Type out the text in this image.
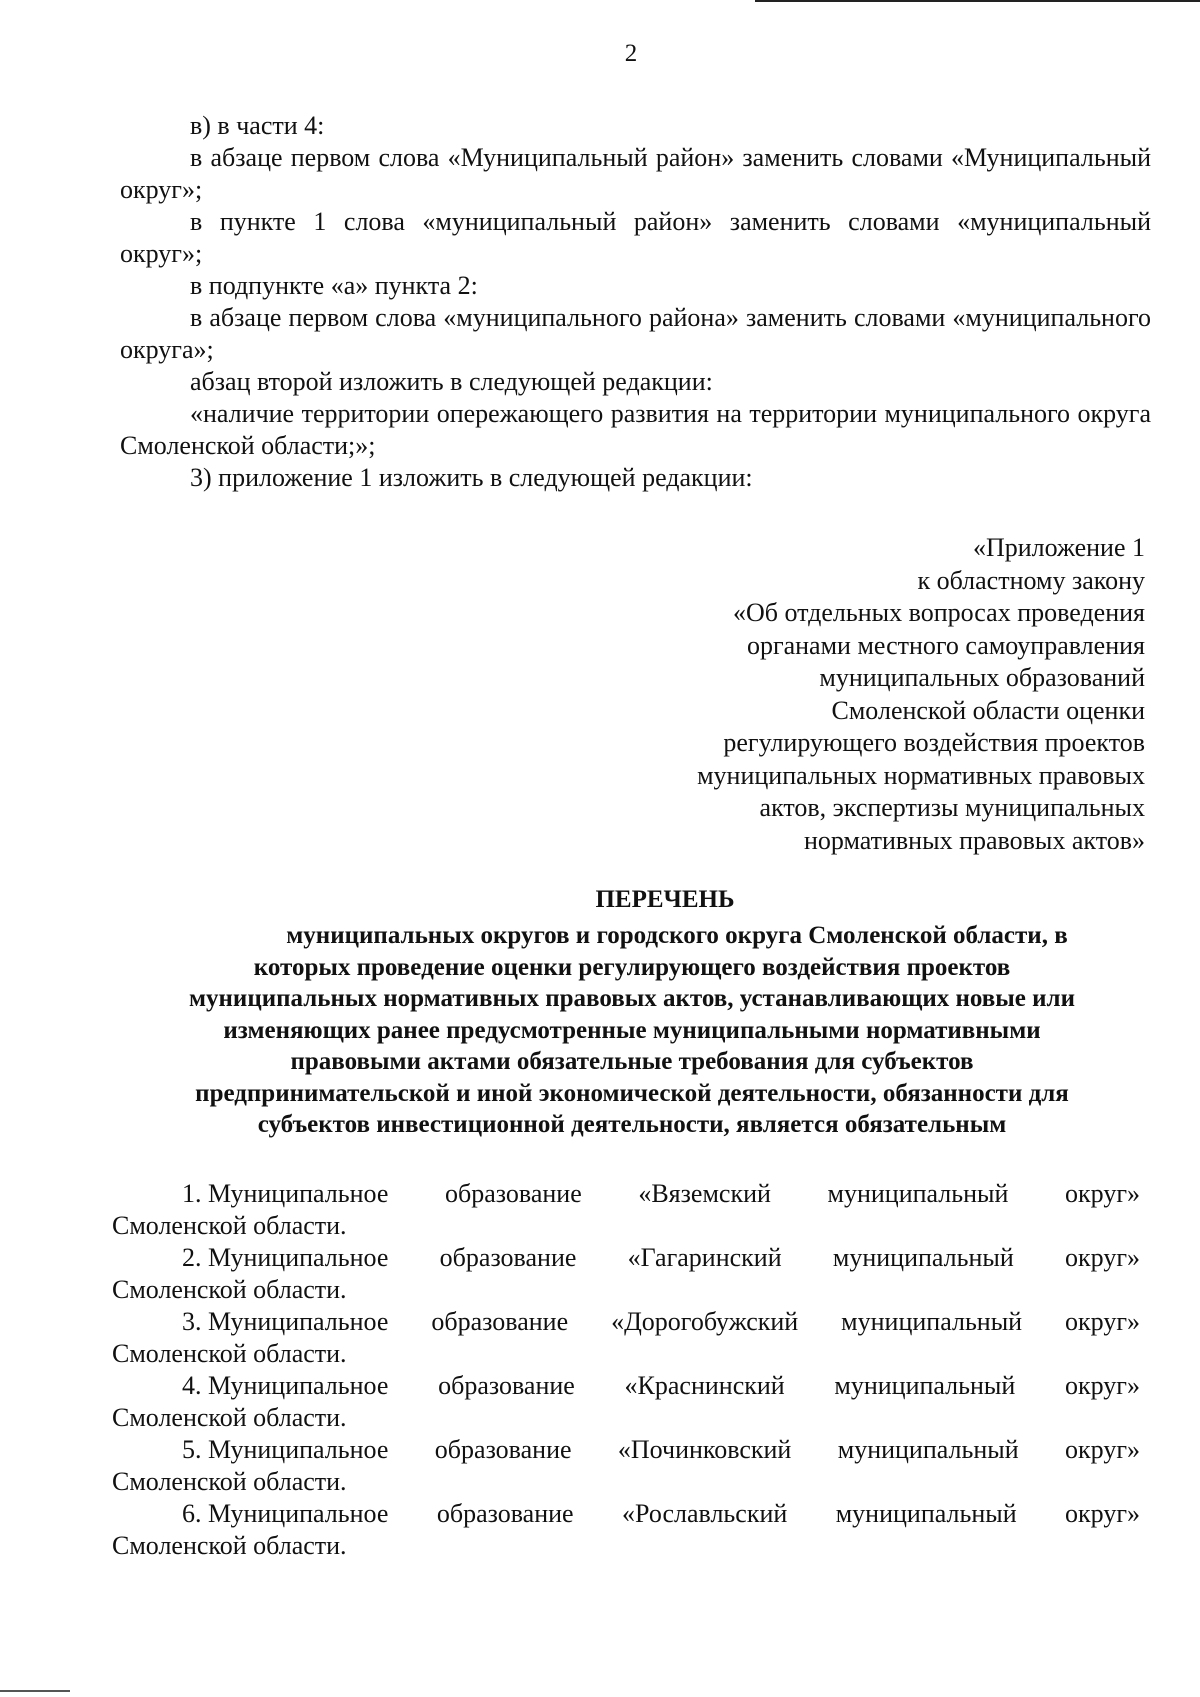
2

в) в части 4:

в абзаце первом слова «Муниципальный район» заменить словами «Муниципальный округ»;

в пункте 1 слова «муниципальный район» заменить словами «муниципальный округ»;

в подпункте «а» пункта 2:

в абзаце первом слова «муниципального района» заменить словами «муниципального округа»;

абзац второй изложить в следующей редакции:

«наличие территории опережающего развития на территории муниципального округа Смоленской области;»;

3) приложение 1 изложить в следующей редакции:

«Приложение 1
к областному закону
«Об отдельных вопросах проведения
органами местного самоуправления
муниципальных образований
Смоленской области оценки
регулирующего воздействия проектов
муниципальных нормативных правовых
актов, экспертизы муниципальных
нормативных правовых актов»
ПЕРЕЧЕНЬ
муниципальных округов и городского округа Смоленской области, в
которых проведение оценки регулирующего воздействия проектов
муниципальных нормативных правовых актов, устанавливающих новые или
изменяющих ранее предусмотренные муниципальными нормативными
правовыми актами обязательные требования для субъектов
предпринимательской и иной экономической деятельности, обязанности для
субъектов инвестиционной деятельности, является обязательным
1. Муниципальное образование «Вяземский муниципальный округ»
Смоленской области.
2. Муниципальное образование «Гагаринский муниципальный округ»
Смоленской области.
3. Муниципальное образование «Дорогобужский муниципальный округ»
Смоленской области.
4. Муниципальное образование «Краснинский муниципальный округ»
Смоленской области.
5. Муниципальное образование «Починковский муниципальный округ»
Смоленской области.
6. Муниципальное образование «Рославльский муниципальный округ»
Смоленской области.
